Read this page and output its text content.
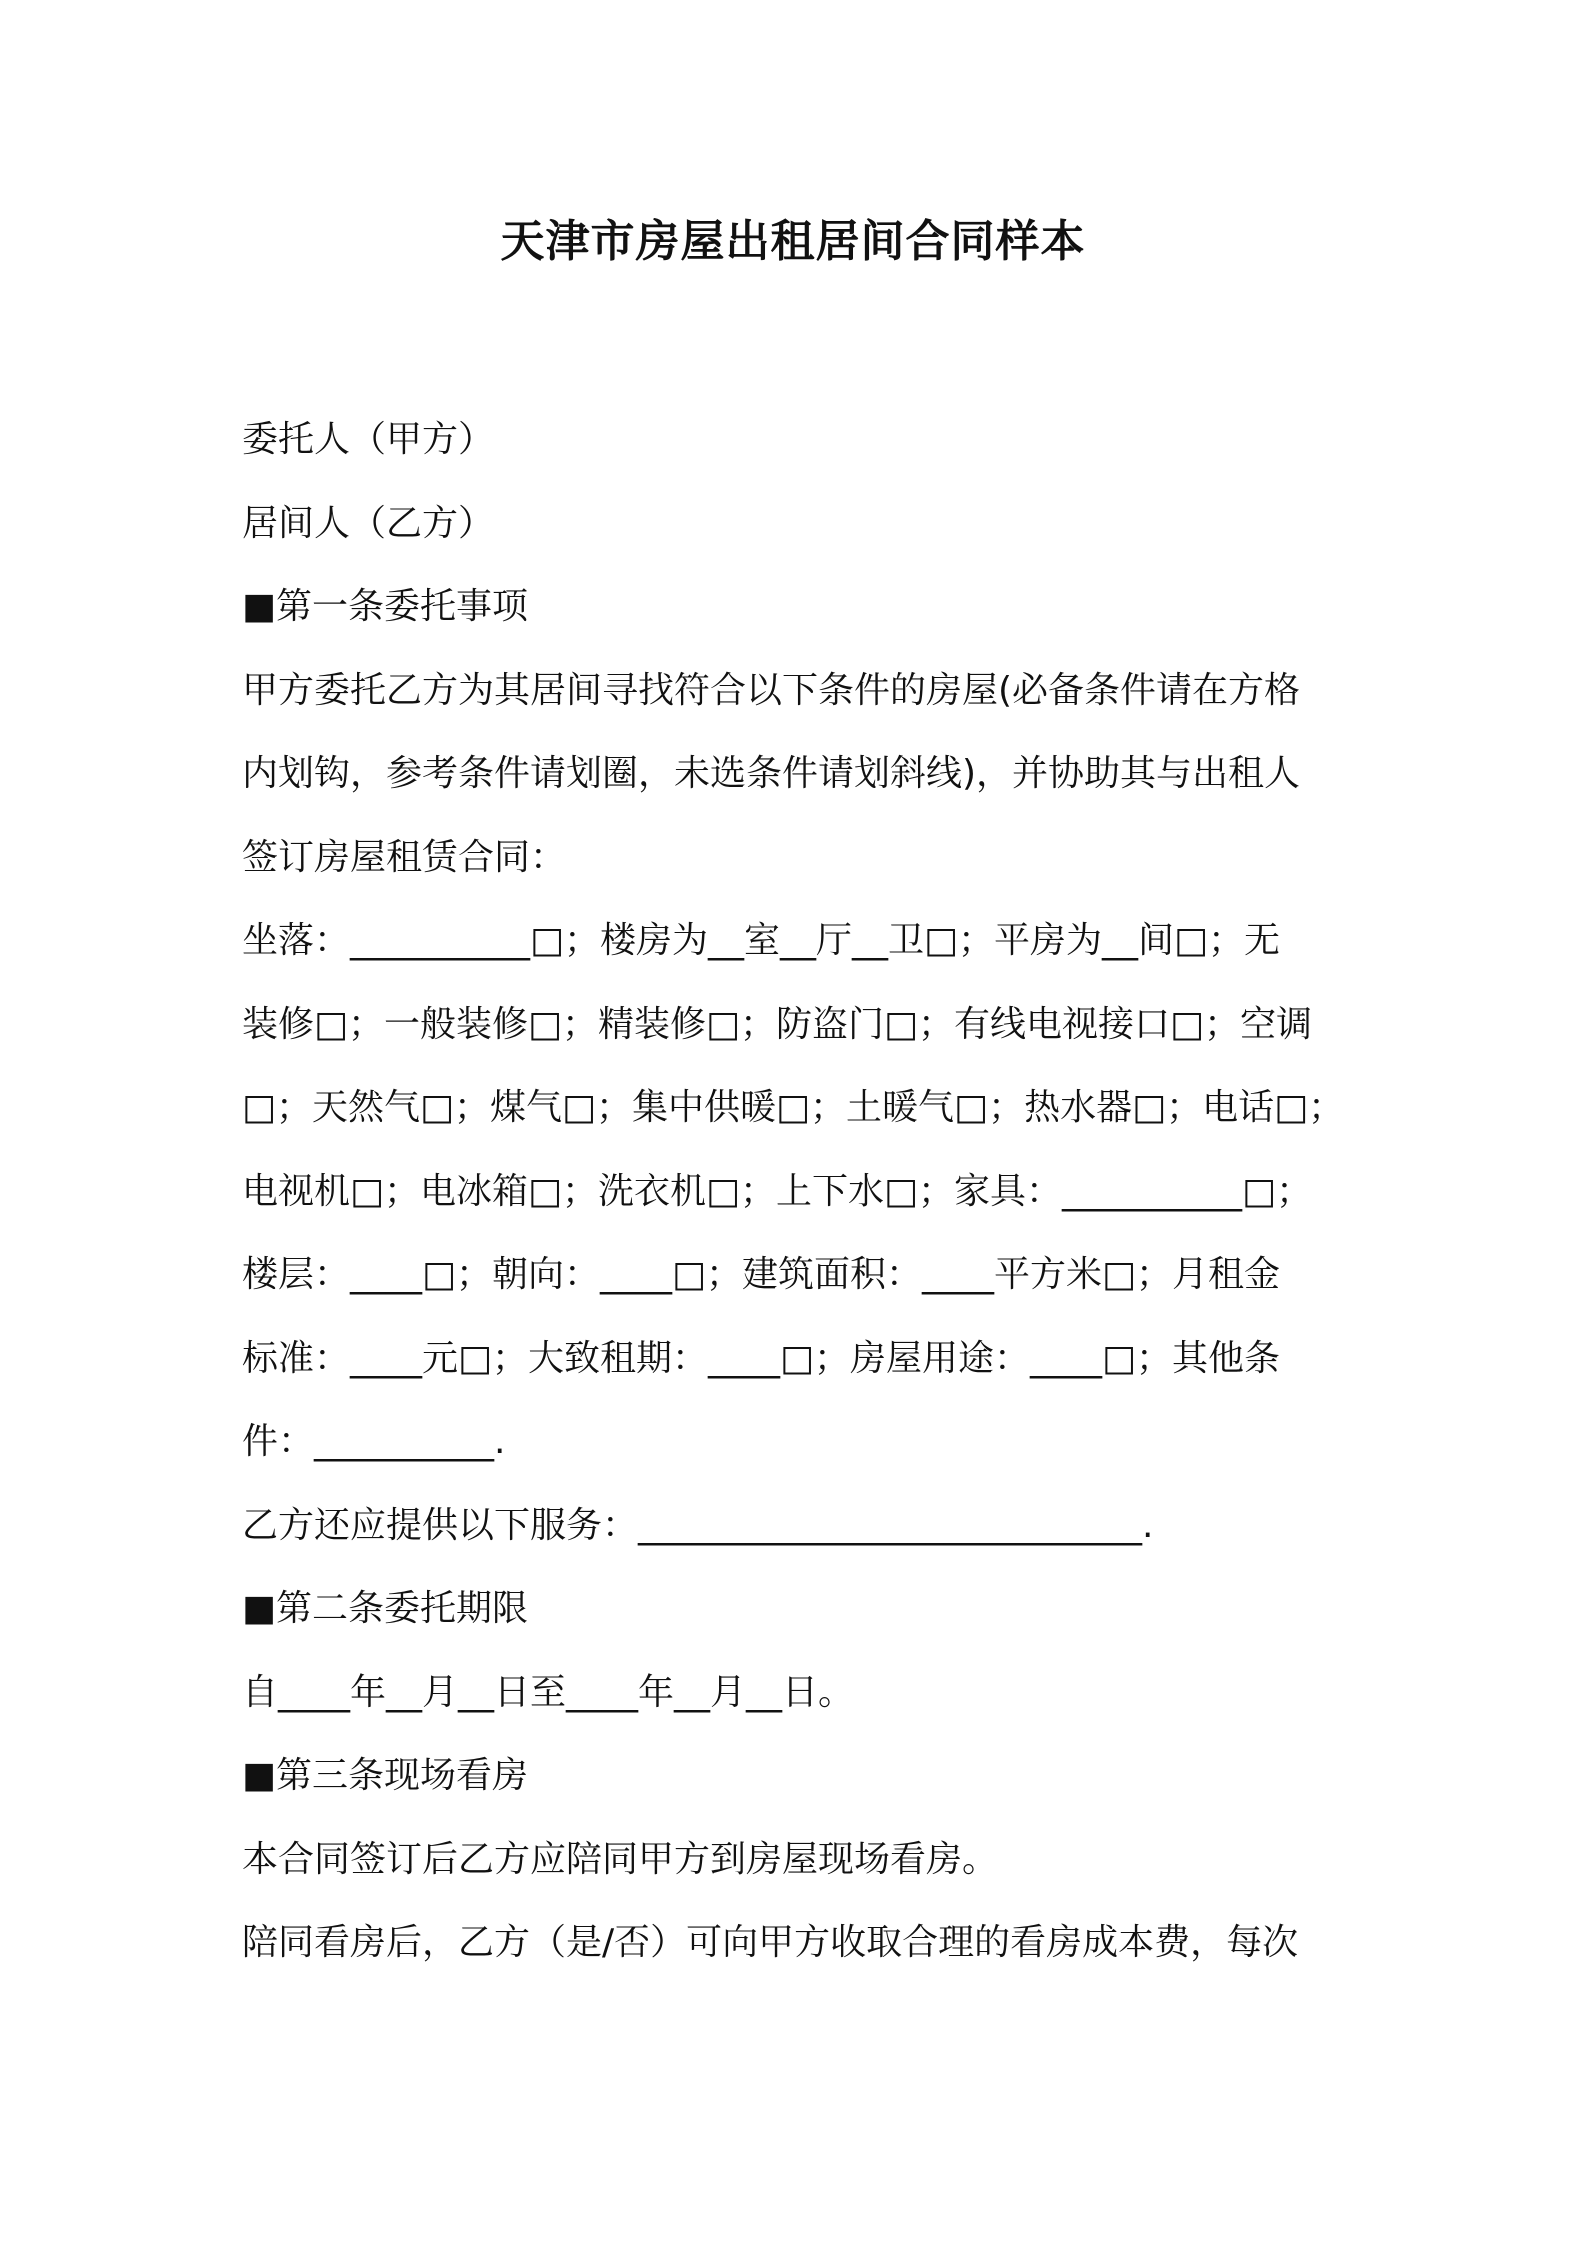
天津市房屋出租居间合同样本

委托人（甲方）

居间人（乙方）

■第一条委托事项

甲方委托乙方为其居间寻找符合以下条件的房屋(必备条件请在方格

内划钩，参考条件请划圈，未选条件请划斜线)，并协助其与出租人

签订房屋租赁合同：

坐落：__________□；楼房为__室__厅__卫□；平房为__间□；无

装修□；一般装修□；精装修□；防盗门□；有线电视接口□；空调

□；天然气□；煤气□；集中供暖□；土暖气□；热水器□；电话□；

电视机□；电冰箱□；洗衣机□；上下水□；家具：__________□；

楼层：____□；朝向：____□；建筑面积：____平方米□；月租金

标准：____元□；大致租期：____□；房屋用途：____□；其他条

件：__________.

乙方还应提供以下服务：____________________________.

■第二条委托期限

自____年__月__日至____年__月__日。

■第三条现场看房

本合同签订后乙方应陪同甲方到房屋现场看房。

陪同看房后，乙方（是/否）可向甲方收取合理的看房成本费，每次
